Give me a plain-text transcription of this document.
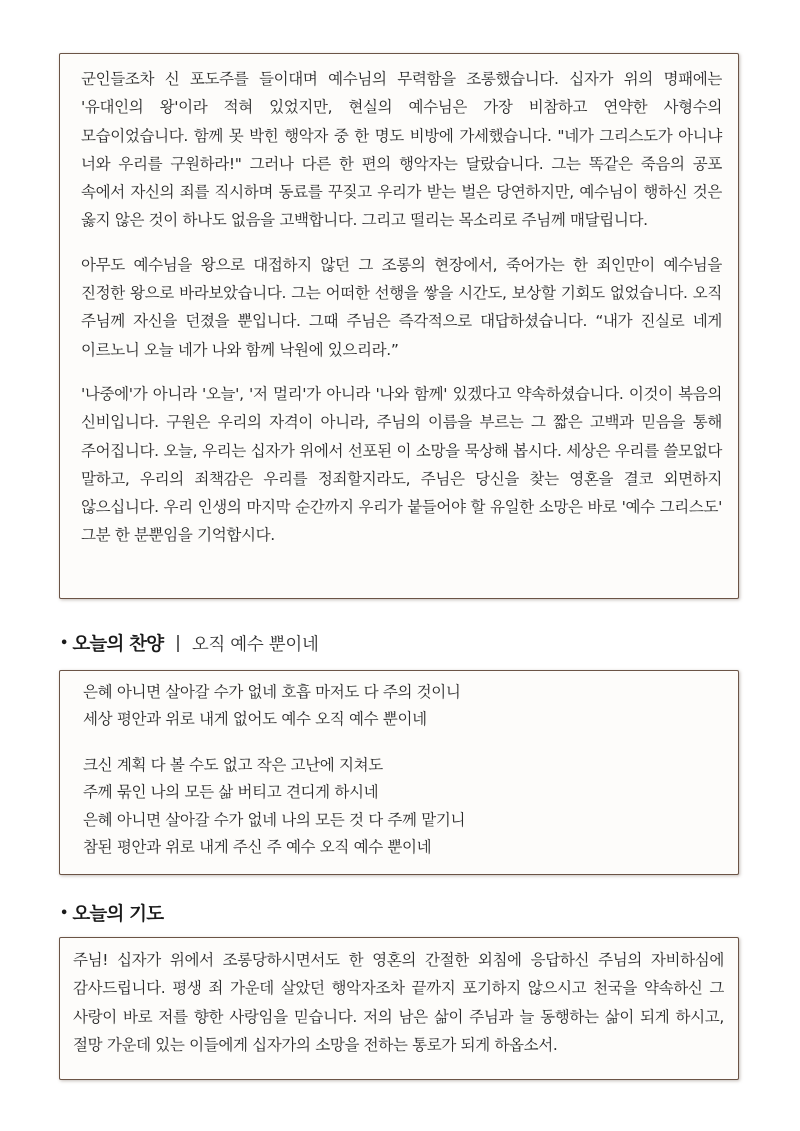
군인들조차 신 포도주를 들이대며 예수님의 무력함을 조롱했습니다. 십자가 위의 명패에는 '유대인의 왕'이라 적혀 있었지만, 현실의 예수님은 가장 비참하고 연약한 사형수의 모습이었습니다. 함께 못 박힌 행악자 중 한 명도 비방에 가세했습니다. "네가 그리스도가 아니냐 너와 우리를 구원하라!" 그러나 다른 한 편의 행악자는 달랐습니다. 그는 똑같은 죽음의 공포 속에서 자신의 죄를 직시하며 동료를 꾸짖고 우리가 받는 벌은 당연하지만, 예수님이 행하신 것은 옳지 않은 것이 하나도 없음을 고백합니다. 그리고 떨리는 목소리로 주님께 매달립니다.

아무도 예수님을 왕으로 대접하지 않던 그 조롱의 현장에서, 죽어가는 한 죄인만이 예수님을 진정한 왕으로 바라보았습니다. 그는 어떠한 선행을 쌓을 시간도, 보상할 기회도 없었습니다. 오직 주님께 자신을 던졌을 뿐입니다. 그때 주님은 즉각적으로 대답하셨습니다. “내가 진실로 네게 이르노니 오늘 네가 나와 함께 낙원에 있으리라.”

'나중에'가 아니라 '오늘', '저 멀리'가 아니라 '나와 함께' 있겠다고 약속하셨습니다. 이것이 복음의 신비입니다. 구원은 우리의 자격이 아니라, 주님의 이름을 부르는 그 짧은 고백과 믿음을 통해 주어집니다. 오늘, 우리는 십자가 위에서 선포된 이 소망을 묵상해 봅시다. 세상은 우리를 쓸모없다 말하고, 우리의 죄책감은 우리를 정죄할지라도, 주님은 당신을 찾는 영혼을 결코 외면하지 않으십니다. 우리 인생의 마지막 순간까지 우리가 붙들어야 할 유일한 소망은 바로 '예수 그리스도' 그분 한 분뿐임을 기억합시다.

• 오늘의 찬양 오직 예수 뿐이네
은혜 아니면 살아갈 수가 없네 호흡 마저도 다 주의 것이니
세상 평안과 위로 내게 없어도 예수 오직 예수 뿐이네
크신 계획 다 볼 수도 없고 작은 고난에 지쳐도
주께 묶인 나의 모든 삶 버티고 견디게 하시네
은혜 아니면 살아갈 수가 없네 나의 모든 것 다 주께 맡기니
참된 평안과 위로 내게 주신 주 예수 오직 예수 뿐이네
• 오늘의 기도

주님! 십자가 위에서 조롱당하시면서도 한 영혼의 간절한 외침에 응답하신 주님의 자비하심에 감사드립니다. 평생 죄 가운데 살았던 행악자조차 끝까지 포기하지 않으시고 천국을 약속하신 그 사랑이 바로 저를 향한 사랑임을 믿습니다. 저의 남은 삶이 주님과 늘 동행하는 삶이 되게 하시고, 절망 가운데 있는 이들에게 십자가의 소망을 전하는 통로가 되게 하옵소서.
